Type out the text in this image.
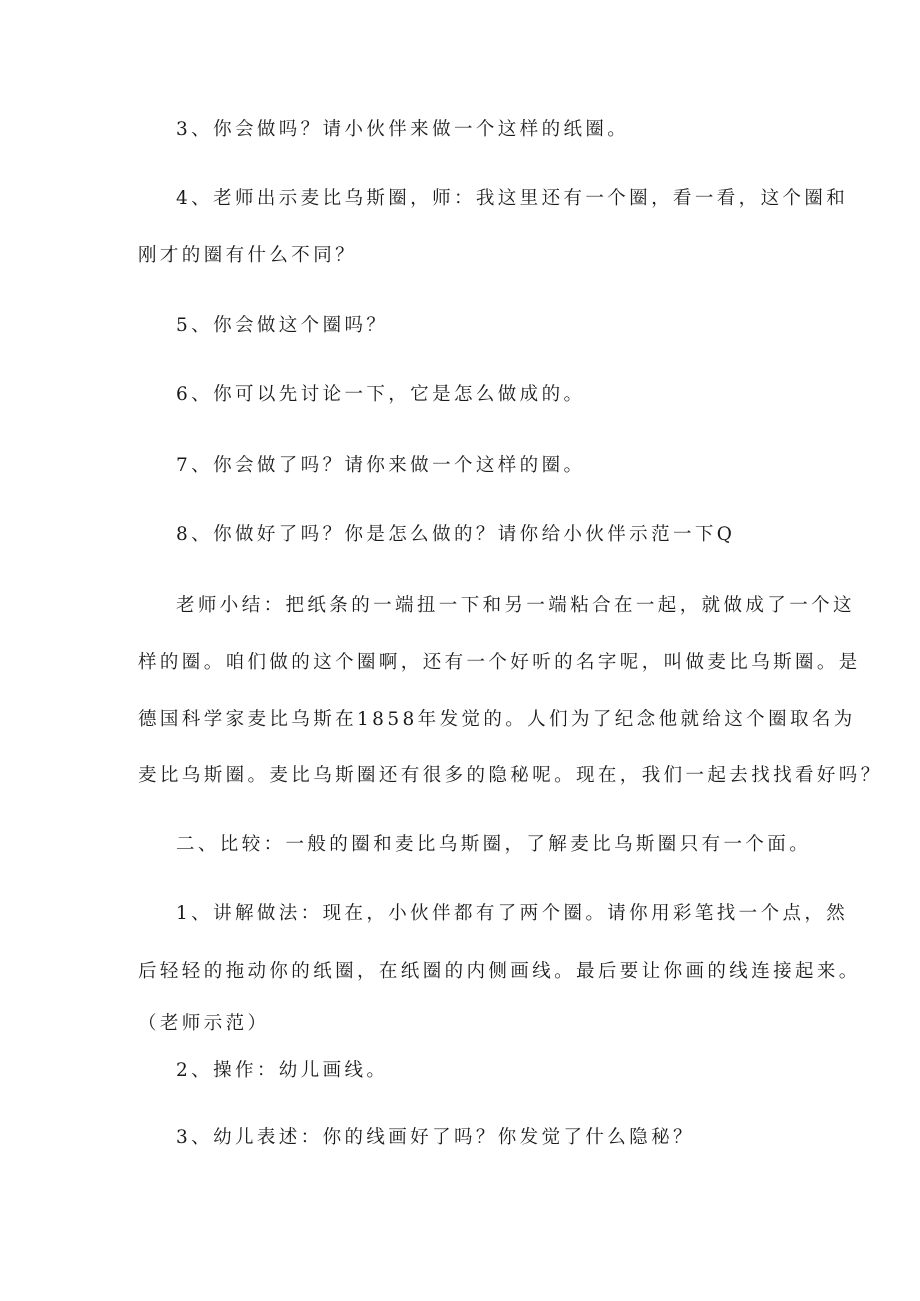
3、你会做吗？请小伙伴来做一个这样的纸圈。
4、老师出示麦比乌斯圈，师：我这里还有一个圈，看一看，这个圈和
刚才的圈有什么不同？
5、你会做这个圈吗？
6、你可以先讨论一下，它是怎么做成的。
7、你会做了吗？请你来做一个这样的圈。
8、你做好了吗？你是怎么做的？请你给小伙伴示范一下Q
老师小结：把纸条的一端扭一下和另一端粘合在一起，就做成了一个这
样的圈。咱们做的这个圈啊，还有一个好听的名字呢，叫做麦比乌斯圈。是
德国科学家麦比乌斯在1858年发觉的。人们为了纪念他就给这个圈取名为
麦比乌斯圈。麦比乌斯圈还有很多的隐秘呢。现在，我们一起去找找看好吗？
二、比较：一般的圈和麦比乌斯圈，了解麦比乌斯圈只有一个面。
1、讲解做法：现在，小伙伴都有了两个圈。请你用彩笔找一个点，然
后轻轻的拖动你的纸圈，在纸圈的内侧画线。最后要让你画的线连接起来。
（老师示范）
2、操作：幼儿画线。
3、幼儿表述：你的线画好了吗？你发觉了什么隐秘？
